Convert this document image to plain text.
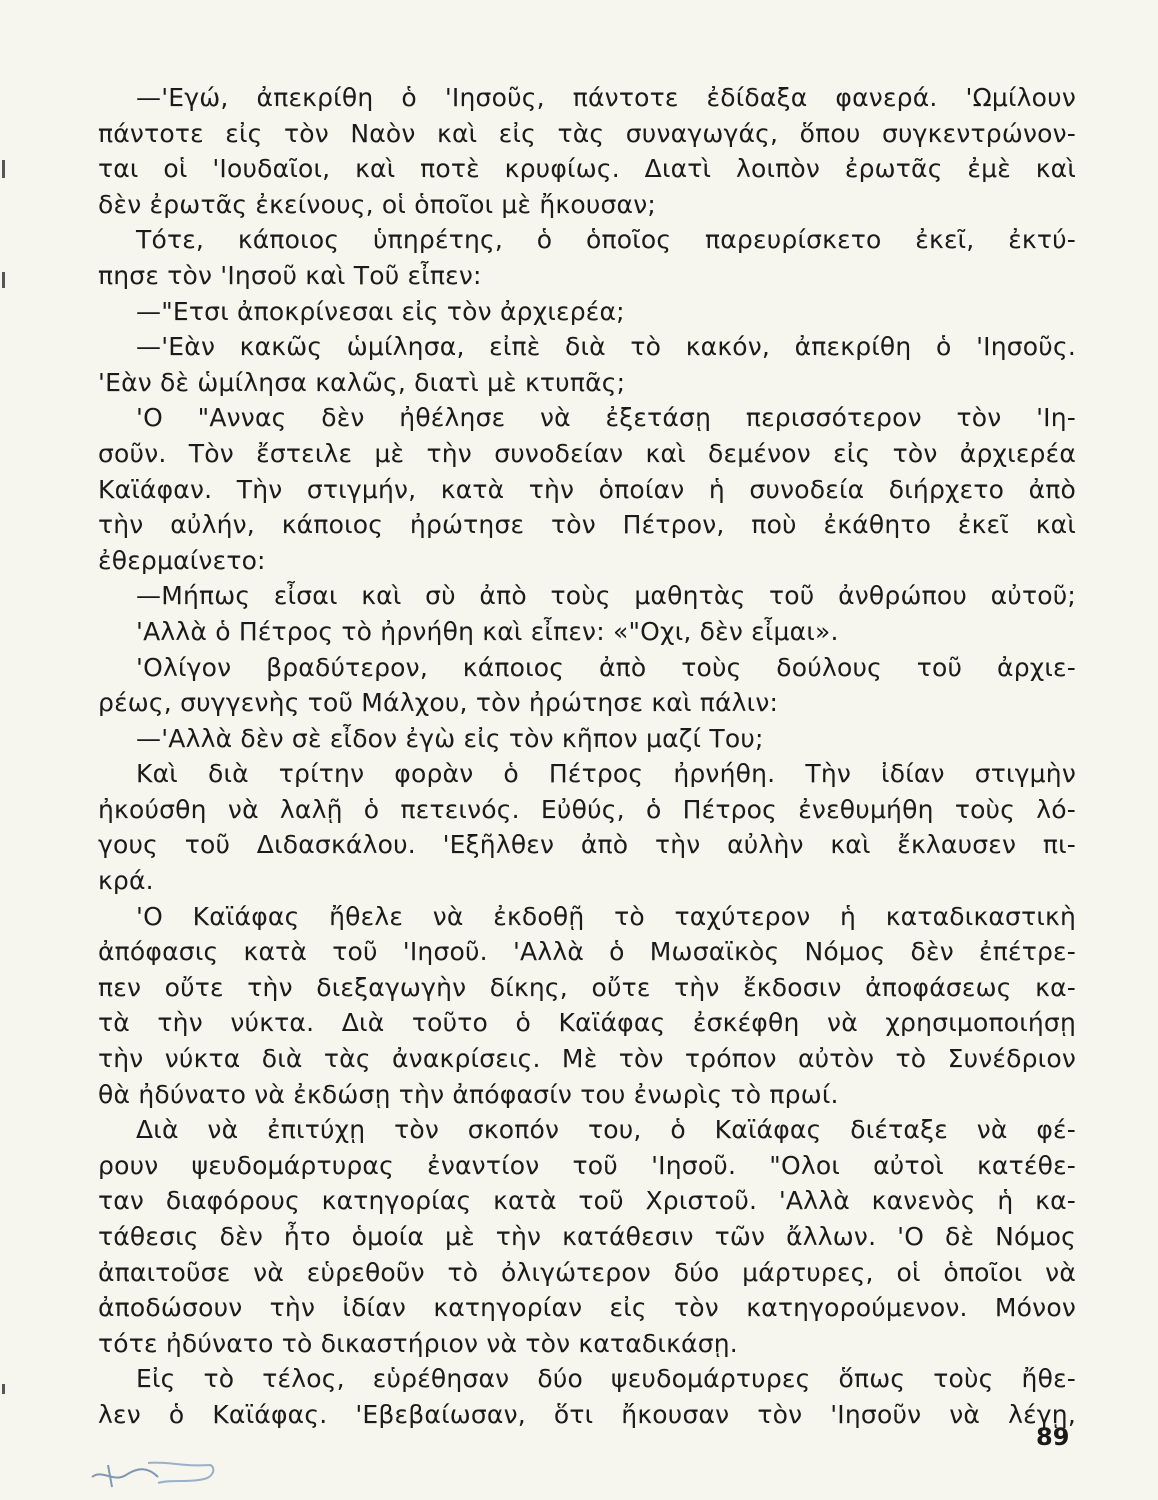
—'Εγώ, ἀπεκρίθη ὁ 'Ιησοῦς, πάντοτε ἐδίδαξα φανερά. 'Ωμίλουν
πάντοτε εἰς τὸν Ναὸν καὶ εἰς τὰς συναγωγάς, ὅπου συγκεντρώνον-
ται οἱ 'Ιουδαῖοι, καὶ ποτὲ κρυφίως. Διατὶ λοιπὸν ἐρωτᾶς ἐμὲ καὶ
δὲν ἐρωτᾶς ἐκείνους, οἱ ὁποῖοι μὲ ἤκουσαν;
Τότε, κάποιος ὑπηρέτης, ὁ ὁποῖος παρευρίσκετο ἐκεῖ, ἐκτύ-
πησε τὸν 'Ιησοῦ καὶ Τοῦ εἶπεν:
—"Ετσι ἀποκρίνεσαι εἰς τὸν ἀρχιερέα;
—'Εὰν κακῶς ὡμίλησα, εἰπὲ διὰ τὸ κακόν, ἀπεκρίθη ὁ 'Ιησοῦς.
'Εὰν δὲ ὡμίλησα καλῶς, διατὶ μὲ κτυπᾶς;
'Ο "Αννας δὲν ἠθέλησε νὰ ἐξετάσῃ περισσότερον τὸν 'Ιη-
σοῦν. Τὸν ἔστειλε μὲ τὴν συνοδείαν καὶ δεμένον εἰς τὸν ἀρχιερέα
Καϊάφαν. Τὴν στιγμήν, κατὰ τὴν ὁποίαν ἡ συνοδεία διήρχετο ἀπὸ
τὴν αὐλήν, κάποιος ἠρώτησε τὸν Πέτρον, ποὺ ἐκάθητο ἐκεῖ καὶ
ἐθερμαίνετο:
—Μήπως εἶσαι καὶ σὺ ἀπὸ τοὺς μαθητὰς τοῦ ἀνθρώπου αὐτοῦ;
'Αλλὰ ὁ Πέτρος τὸ ἠρνήθη καὶ εἶπεν: «"Οχι, δὲν εἶμαι».
'Ολίγον βραδύτερον, κάποιος ἀπὸ τοὺς δούλους τοῦ ἀρχιε-
ρέως, συγγενὴς τοῦ Μάλχου, τὸν ἠρώτησε καὶ πάλιν:
—'Αλλὰ δὲν σὲ εἶδον ἐγὼ εἰς τὸν κῆπον μαζί Του;
Καὶ διὰ τρίτην φορὰν ὁ Πέτρος ἠρνήθη. Τὴν ἰδίαν στιγμὴν
ἠκούσθη νὰ λαλῇ ὁ πετεινός. Εὐθύς, ὁ Πέτρος ἐνεθυμήθη τοὺς λό-
γους τοῦ Διδασκάλου. 'Εξῆλθεν ἀπὸ τὴν αὐλὴν καὶ ἔκλαυσεν πι-
κρά.
'Ο Καϊάφας ἤθελε νὰ ἐκδοθῇ τὸ ταχύτερον ἡ καταδικαστικὴ
ἀπόφασις κατὰ τοῦ 'Ιησοῦ. 'Αλλὰ ὁ Μωσαϊκὸς Νόμος δὲν ἐπέτρε-
πεν οὔτε τὴν διεξαγωγὴν δίκης, οὔτε τὴν ἔκδοσιν ἀποφάσεως κα-
τὰ τὴν νύκτα. Διὰ τοῦτο ὁ Καϊάφας ἐσκέφθη νὰ χρησιμοποιήσῃ
τὴν νύκτα διὰ τὰς ἀνακρίσεις. Μὲ τὸν τρόπον αὐτὸν τὸ Συνέδριον
θὰ ἠδύνατο νὰ ἐκδώσῃ τὴν ἀπόφασίν του ἐνωρὶς τὸ πρωί.
Διὰ νὰ ἐπιτύχῃ τὸν σκοπόν του, ὁ Καϊάφας διέταξε νὰ φέ-
ρουν ψευδομάρτυρας ἐναντίον τοῦ 'Ιησοῦ. "Ολοι αὐτοὶ κατέθε-
ταν διαφόρους κατηγορίας κατὰ τοῦ Χριστοῦ. 'Αλλὰ κανενὸς ἡ κα-
τάθεσις δὲν ἦτο ὁμοία μὲ τὴν κατάθεσιν τῶν ἄλλων. 'Ο δὲ Νόμος
ἀπαιτοῦσε νὰ εὑρεθοῦν τὸ ὀλιγώτερον δύο μάρτυρες, οἱ ὁποῖοι νὰ
ἀποδώσουν τὴν ἰδίαν κατηγορίαν εἰς τὸν κατηγορούμενον. Μόνον
τότε ἠδύνατο τὸ δικαστήριον νὰ τὸν καταδικάσῃ.
Εἰς τὸ τέλος, εὑρέθησαν δύο ψευδομάρτυρες ὅπως τοὺς ἤθε-
λεν ὁ Καϊάφας. 'Εβεβαίωσαν, ὅτι ἤκουσαν τὸν 'Ιησοῦν νὰ λέγῃ,
89
